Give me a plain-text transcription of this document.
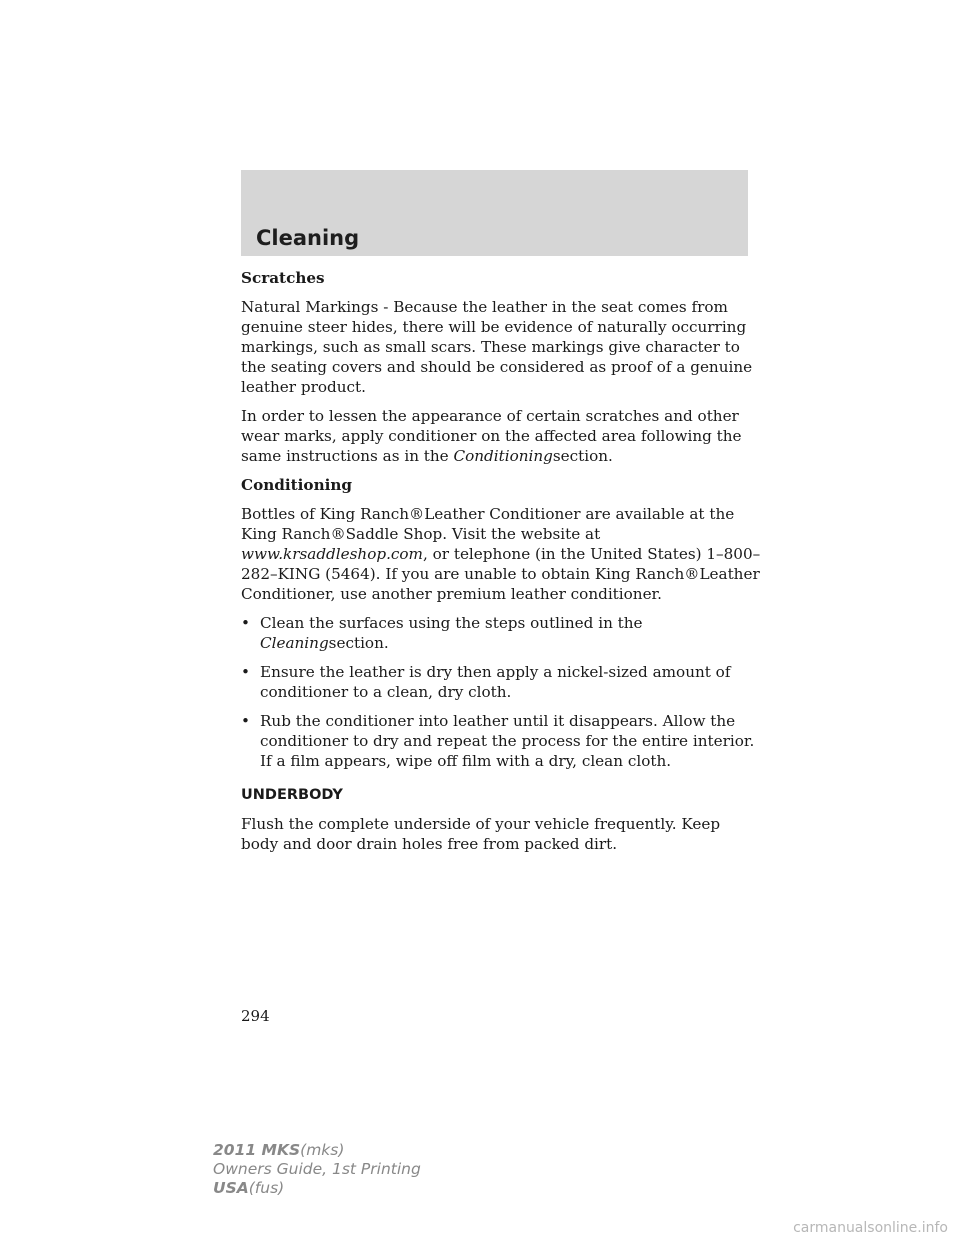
Cleaning

Scratches

Natural Markings - Because the leather in the seat comes from genuine steer hides, there will be evidence of naturally occurring markings, such as small scars. These markings give character to the seating covers and should be considered as proof of a genuine leather product.

In order to lessen the appearance of certain scratches and other wear marks, apply conditioner on the affected area following the same instructions as in the Conditioningsection.

Conditioning

Bottles of King Ranch®Leather Conditioner are available at the King Ranch®Saddle Shop. Visit the website at www.krsaddleshop.com, or telephone (in the United States) 1–800–282–KING (5464). If you are unable to obtain King Ranch®Leather Conditioner, use another premium leather conditioner.

• Clean the surfaces using the steps outlined in the Cleaningsection.
• Ensure the leather is dry then apply a nickel-sized amount of conditioner to a clean, dry cloth.
• Rub the conditioner into leather until it disappears. Allow the conditioner to dry and repeat the process for the entire interior. If a film appears, wipe off film with a dry, clean cloth.
UNDERBODY

Flush the complete underside of your vehicle frequently. Keep body and door drain holes free from packed dirt.

294
2011 MKS(mks)
Owners Guide, 1st Printing
USA(fus)
carmanualsonline.info
